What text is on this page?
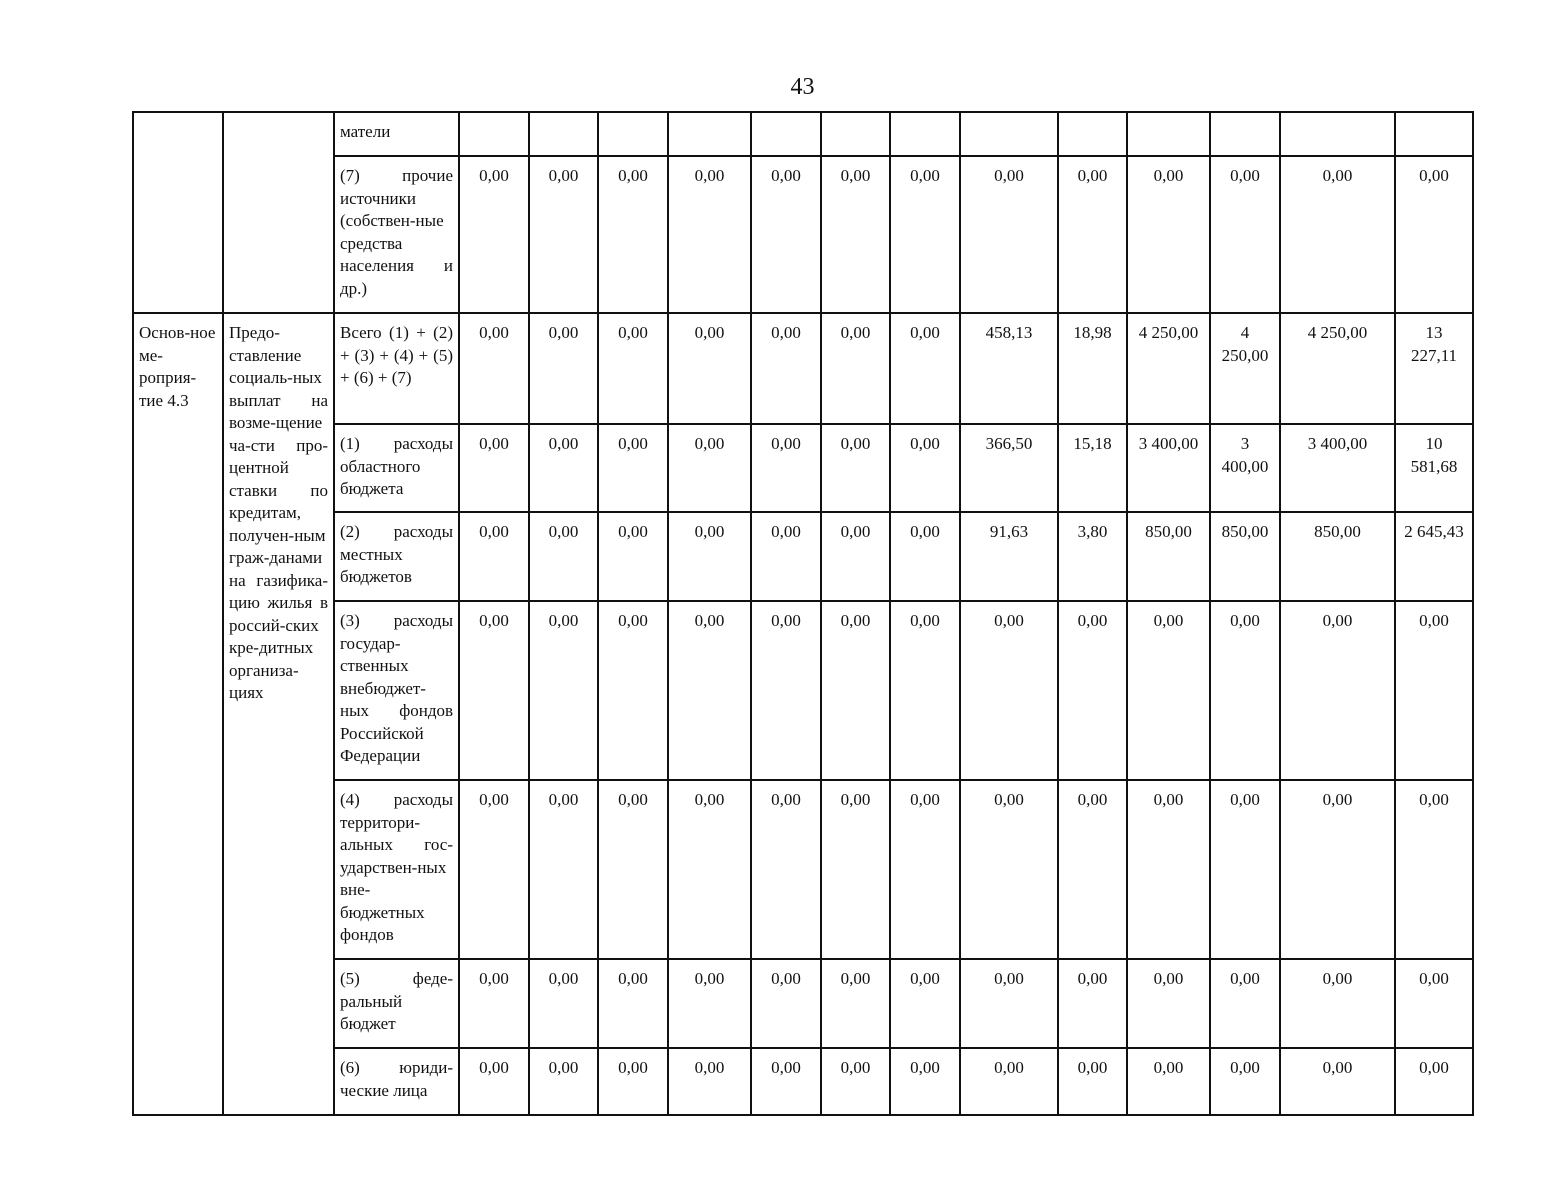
43
		матели													
		(7) прочие источники (собствен-ные средства населения и др.)	0,00	0,00	0,00	0,00	0,00	0,00	0,00	0,00	0,00	0,00	0,00	0,00	0,00
Основ-ное ме-роприя-тие 4.3	Предо-ставление социаль-ных выплат на возме-щение ча-сти про-центной ставки по кредитам, получен-ным граж-данами на газифика-цию жилья в россий-ских кре-дитных организа-циях	Всего (1) + (2) + (3) + (4) + (5) + (6) + (7)	0,00	0,00	0,00	0,00	0,00	0,00	0,00	458,13	18,98	4 250,00	4 250,00	4 250,00	13 227,11
		(1) расходы областного бюджета	0,00	0,00	0,00	0,00	0,00	0,00	0,00	366,50	15,18	3 400,00	3 400,00	3 400,00	10 581,68
		(2) расходы местных бюджетов	0,00	0,00	0,00	0,00	0,00	0,00	0,00	91,63	3,80	850,00	850,00	850,00	2 645,43
		(3) расходы государ-ственных внебюджет-ных фондов Российской Федерации	0,00	0,00	0,00	0,00	0,00	0,00	0,00	0,00	0,00	0,00	0,00	0,00	0,00
		(4) расходы территори-альных гос-ударствен-ных вне-бюджетных фондов	0,00	0,00	0,00	0,00	0,00	0,00	0,00	0,00	0,00	0,00	0,00	0,00	0,00
		(5) феде-ральный бюджет	0,00	0,00	0,00	0,00	0,00	0,00	0,00	0,00	0,00	0,00	0,00	0,00	0,00
		(6) юриди-ческие лица	0,00	0,00	0,00	0,00	0,00	0,00	0,00	0,00	0,00	0,00	0,00	0,00	0,00
